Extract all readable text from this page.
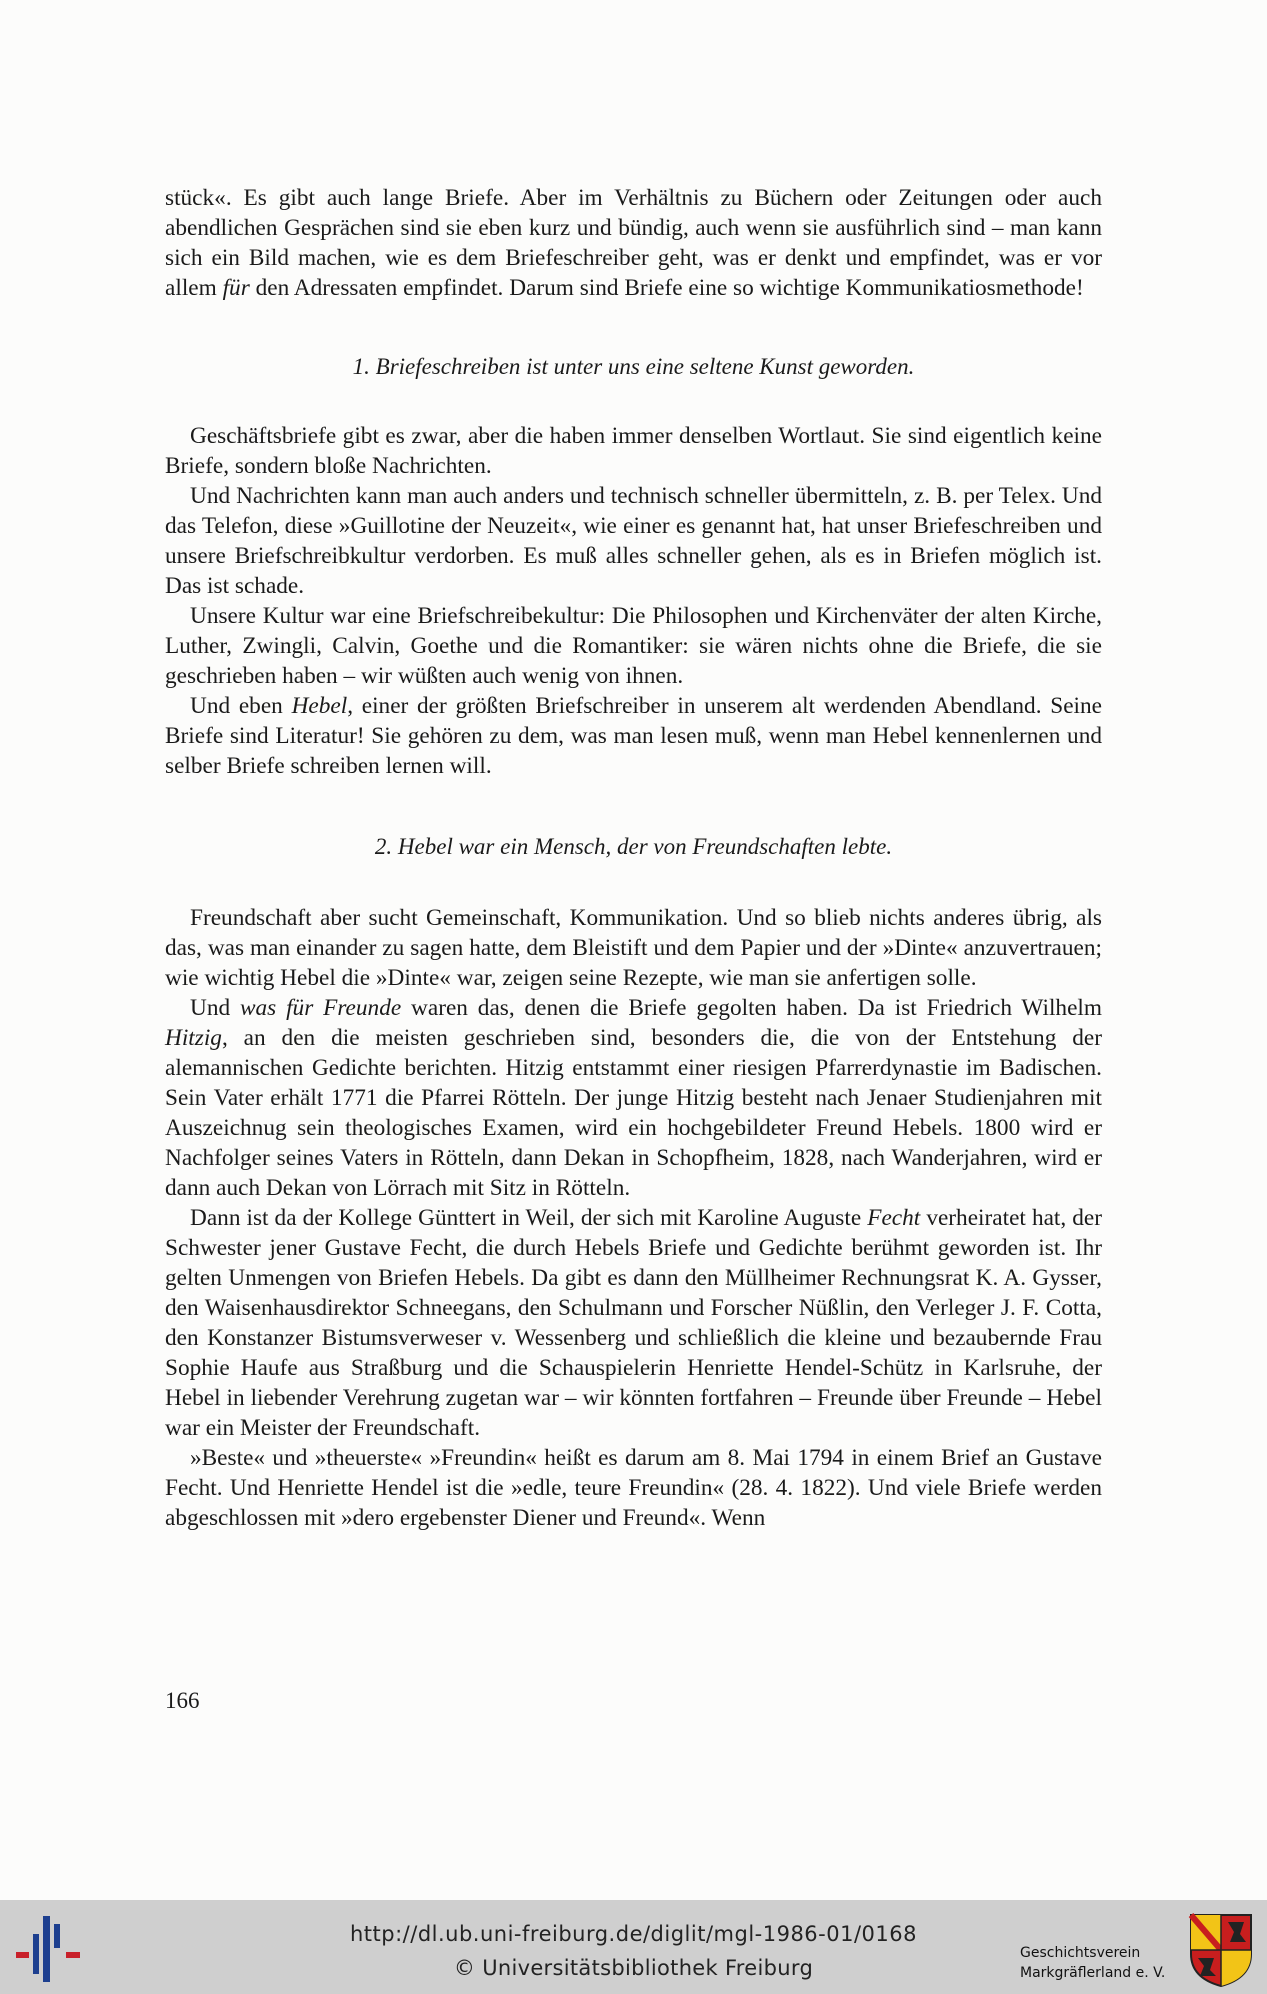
stück«. Es gibt auch lange Briefe. Aber im Verhältnis zu Büchern oder Zeitungen oder auch abendlichen Gesprächen sind sie eben kurz und bündig, auch wenn sie ausführlich sind – man kann sich ein Bild machen, wie es dem Briefeschreiber geht, was er denkt und empfindet, was er vor allem für den Adressaten empfindet. Darum sind Briefe eine so wichtige Kommunikatiosmethode!

1. Briefeschreiben ist unter uns eine seltene Kunst geworden.

Geschäftsbriefe gibt es zwar, aber die haben immer denselben Wortlaut. Sie sind eigentlich keine Briefe, sondern bloße Nachrichten.

Und Nachrichten kann man auch anders und technisch schneller übermitteln, z. B. per Telex. Und das Telefon, diese »Guillotine der Neuzeit«, wie einer es genannt hat, hat unser Briefeschreiben und unsere Briefschreibkultur verdorben. Es muß alles schneller gehen, als es in Briefen möglich ist. Das ist schade.

Unsere Kultur war eine Briefschreibekultur: Die Philosophen und Kirchenväter der alten Kirche, Luther, Zwingli, Calvin, Goethe und die Romantiker: sie wären nichts ohne die Briefe, die sie geschrieben haben – wir wüßten auch wenig von ihnen.

Und eben Hebel, einer der größten Briefschreiber in unserem alt werdenden Abendland. Seine Briefe sind Literatur! Sie gehören zu dem, was man lesen muß, wenn man Hebel kennenlernen und selber Briefe schreiben lernen will.

2. Hebel war ein Mensch, der von Freundschaften lebte.

Freundschaft aber sucht Gemeinschaft, Kommunikation. Und so blieb nichts anderes übrig, als das, was man einander zu sagen hatte, dem Bleistift und dem Papier und der »Dinte« anzuvertrauen; wie wichtig Hebel die »Dinte« war, zeigen seine Rezepte, wie man sie anfertigen solle.

Und was für Freunde waren das, denen die Briefe gegolten haben. Da ist Friedrich Wilhelm Hitzig, an den die meisten geschrieben sind, besonders die, die von der Entstehung der alemannischen Gedichte berichten. Hitzig entstammt einer riesigen Pfarrerdynastie im Badischen. Sein Vater erhält 1771 die Pfarrei Rötteln. Der junge Hitzig besteht nach Jenaer Studienjahren mit Auszeichnug sein theologisches Examen, wird ein hochgebildeter Freund Hebels. 1800 wird er Nachfolger seines Vaters in Rötteln, dann Dekan in Schopfheim, 1828, nach Wanderjahren, wird er dann auch Dekan von Lörrach mit Sitz in Rötteln.

Dann ist da der Kollege Günttert in Weil, der sich mit Karoline Auguste Fecht verheiratet hat, der Schwester jener Gustave Fecht, die durch Hebels Briefe und Gedichte berühmt geworden ist. Ihr gelten Unmengen von Briefen Hebels. Da gibt es dann den Müllheimer Rechnungsrat K. A. Gysser, den Waisenhausdirektor Schneegans, den Schulmann und Forscher Nüßlin, den Verleger J. F. Cotta, den Konstanzer Bistumsverweser v. Wessenberg und schließlich die kleine und bezaubernde Frau Sophie Haufe aus Straßburg und die Schauspielerin Henriette Hendel-Schütz in Karlsruhe, der Hebel in liebender Verehrung zugetan war – wir könnten fortfahren – Freunde über Freunde – Hebel war ein Meister der Freundschaft.

»Beste« und »theuerste« »Freundin« heißt es darum am 8. Mai 1794 in einem Brief an Gustave Fecht. Und Henriette Hendel ist die »edle, teure Freundin« (28. 4. 1822). Und viele Briefe werden abgeschlossen mit »dero ergebenster Diener und Freund«. Wenn

166
http://dl.ub.uni-freiburg.de/diglit/mgl-1986-01/0168
© Universitätsbibliothek Freiburg
Geschichtsverein
Markgräflerland e. V.
